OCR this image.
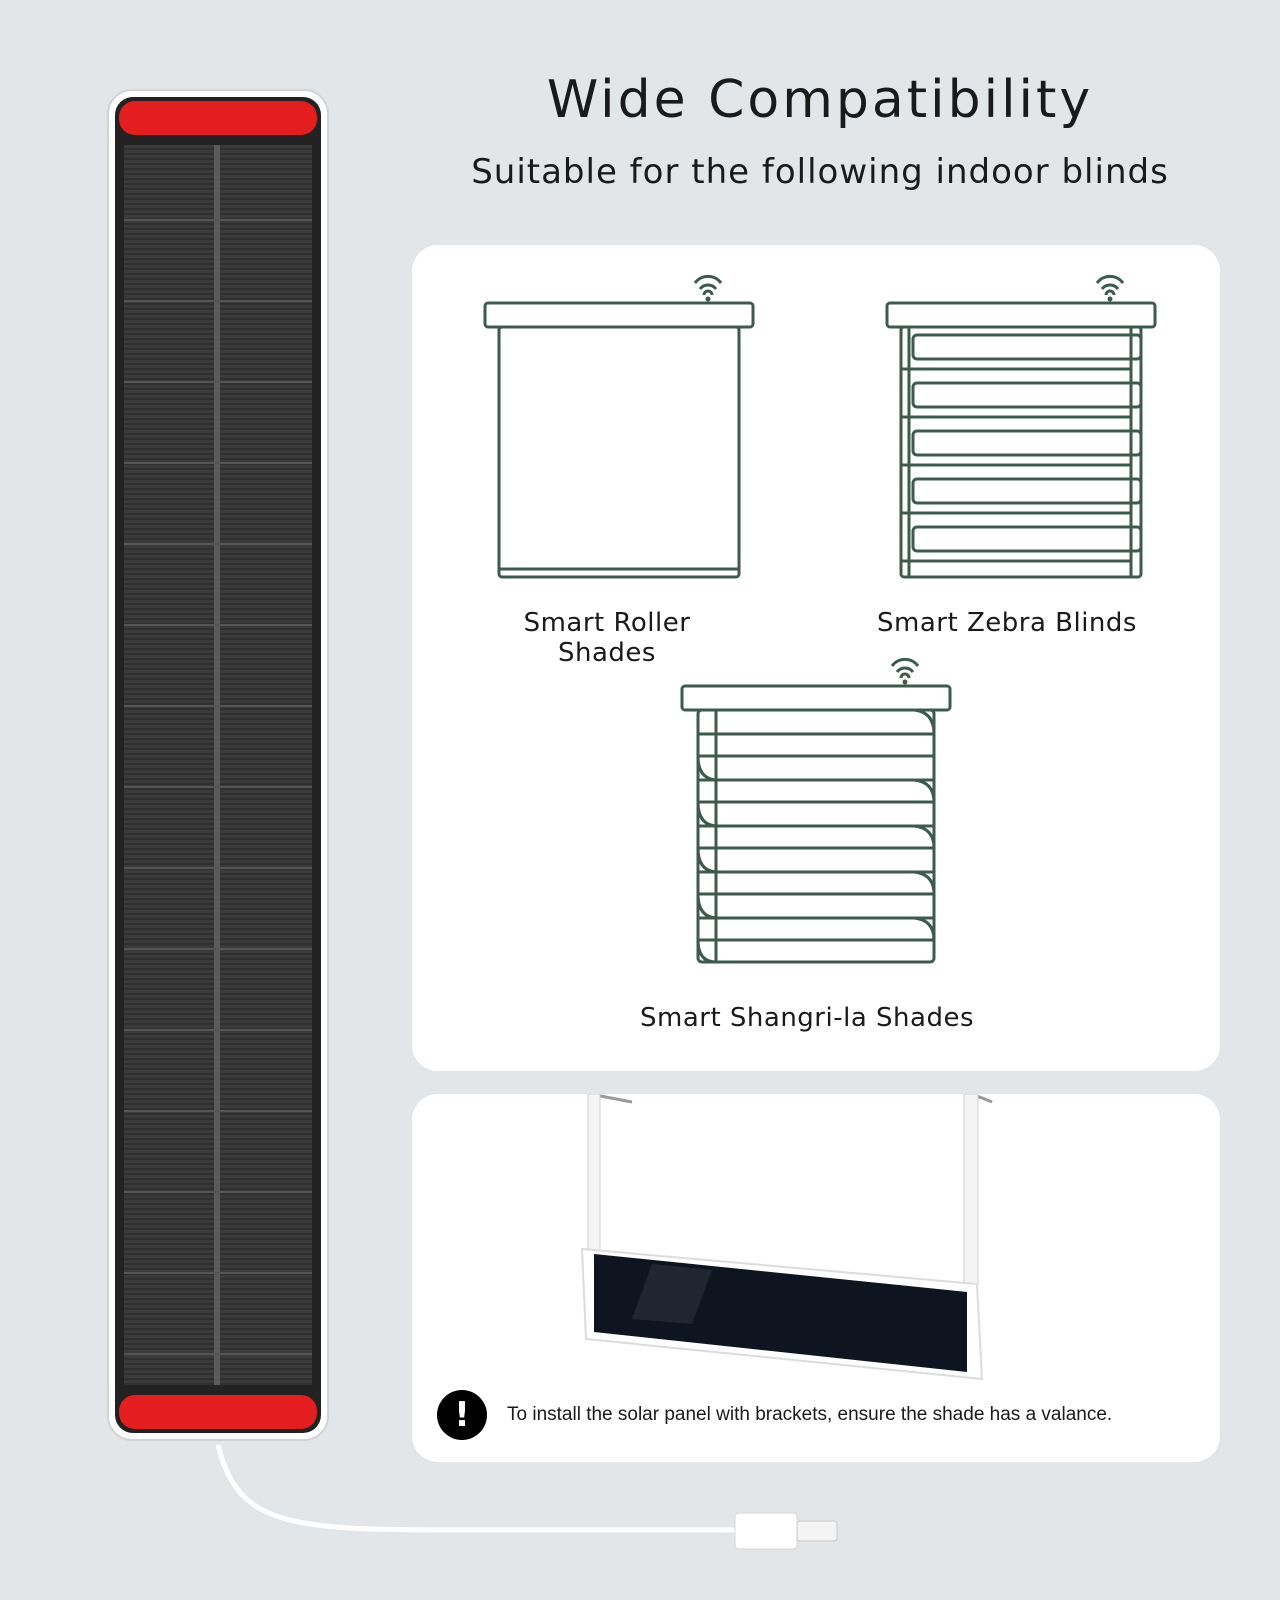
Wide Compatibility

Suitable for the following indoor blinds

Smart Roller Shades
Smart Zebra Blinds
Smart Shangri-la Shades
!	To install the solar panel with brackets, ensure the shade has a valance.
